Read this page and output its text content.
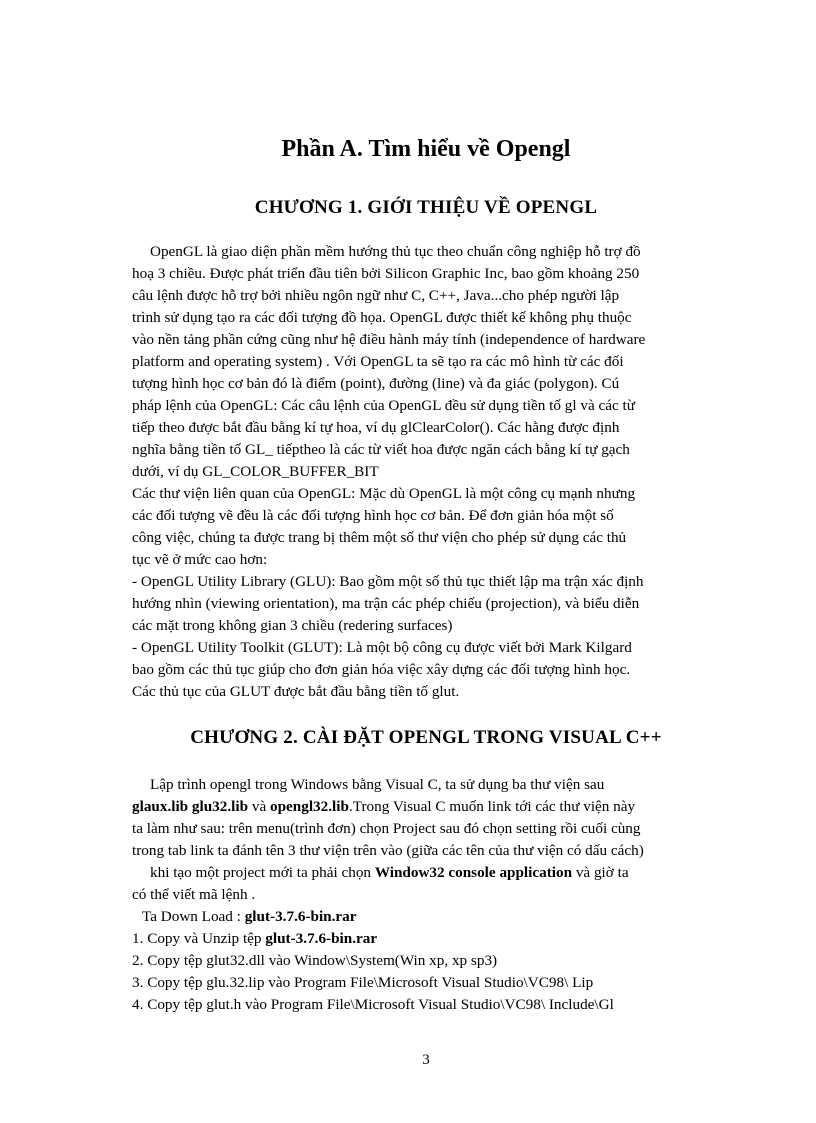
Phần A. Tìm hiểu về Opengl
CHƯƠNG 1. GIỚI THIỆU VỀ OPENGL
OpenGL là giao diện phần mềm hướng thủ tục theo chuẩn công nghiệp hỗ trợ đồ
hoạ 3 chiều. Được phát triển đầu tiên bởi Silicon Graphic Inc, bao gồm khoảng 250
câu lệnh được hỗ trợ bởi nhiều ngôn ngữ như C, C++, Java...cho phép người lập
trình sử dụng tạo ra các đối tượng đồ họa. OpenGL được thiết kế không phụ thuộc
vào nền tảng phần cứng cũng như hệ điều hành máy tính (independence of hardware
platform and operating system) . Với OpenGL ta sẽ tạo ra các mô hình từ các đối
tượng hình học cơ bản đó là điểm (point), đường (line) và đa giác (polygon). Cú
pháp lệnh của OpenGL: Các câu lệnh của OpenGL đều sử dụng tiền tố gl và các từ
tiếp theo được bắt đầu bằng kí tự hoa, ví dụ glClearColor(). Các hằng được định
nghĩa bằng tiền tố GL_ tiếptheo là các từ viết hoa được ngăn cách bằng kí tự gạch
dưới, ví dụ GL_COLOR_BUFFER_BIT
Các thư viện liên quan của OpenGL: Mặc dù OpenGL là một công cụ mạnh nhưng
các đối tượng vẽ đều là các đối tượng hình học cơ bản. Để đơn giản hóa một số
công việc, chúng ta được trang bị thêm một số thư viện cho phép sử dụng các thủ
tục vẽ ở mức cao hơn:
- OpenGL Utility Library (GLU): Bao gồm một số thủ tục thiết lập ma trận xác định
hướng nhìn (viewing orientation), ma trận các phép chiếu (projection), và biểu diễn
các mặt trong không gian 3 chiều (redering surfaces)
- OpenGL Utility Toolkit (GLUT): Là một bộ công cụ được viết bởi Mark Kilgard
bao gồm các thủ tục giúp cho đơn giản hóa việc xây dựng các đối tượng hình học.
Các thủ tục của GLUT được bắt đầu bằng tiền tố glut.
CHƯƠNG 2. CÀI ĐẶT OPENGL TRONG VISUAL C++
Lập trình opengl trong Windows bằng Visual C, ta sử dụng ba thư viện sau
glaux.lib glu32.lib và opengl32.lib.Trong Visual C muốn link tới các thư viện này
ta làm như sau: trên menu(trình đơn) chọn Project sau đó chọn setting rồi cuối cùng
trong tab link ta đánh tên 3 thư viện trên vào (giữa các tên của thư viện có dấu cách)
khi tạo một project mới ta phải chọn Window32 console application và giờ ta
có thể viết mã lệnh .
Ta Down Load : glut-3.7.6-bin.rar
1. Copy và Unzip tệp glut-3.7.6-bin.rar
2. Copy tệp glut32.dll vào Window\System(Win xp, xp sp3)
3. Copy tệp glu.32.lip vào Program File\Microsoft Visual Studio\VC98\ Lip
4. Copy tệp glut.h vào Program File\Microsoft Visual Studio\VC98\ Include\Gl
3
